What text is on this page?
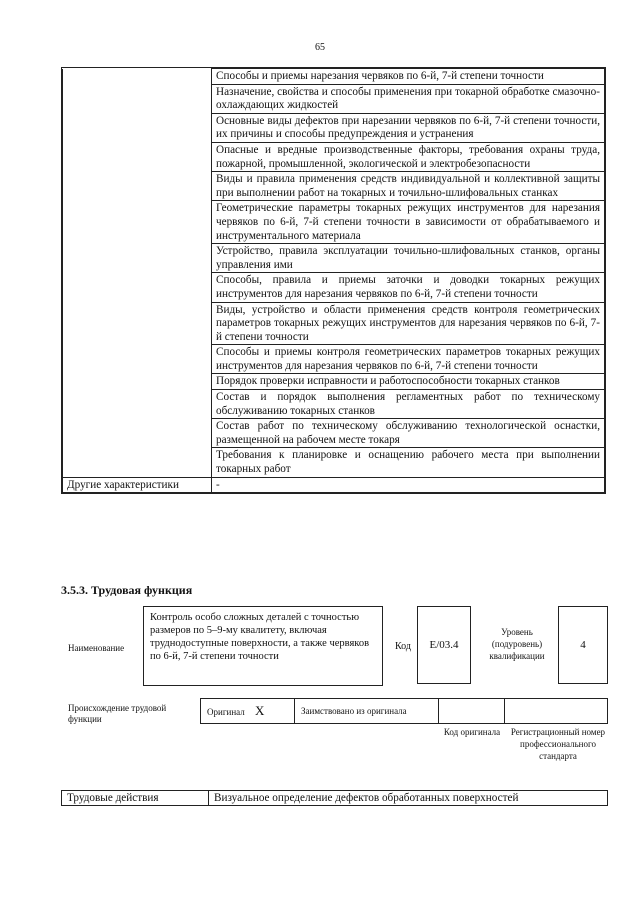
65
	Способы и приемы нарезания червяков по 6-й, 7-й степени точности
	Назначение, свойства и способы применения при токарной обработке смазочно-охлаждающих жидкостей
	Основные виды дефектов при нарезании червяков по 6-й, 7-й степени точности, их причины и способы предупреждения и устранения
	Опасные и вредные производственные факторы, требования охраны труда, пожарной, промышленной, экологической и электробезопасности
	Виды и правила применения средств индивидуальной и коллективной защиты при выполнении работ на токарных и точильно-шлифовальных станках
	Геометрические параметры токарных режущих инструментов для нарезания червяков по 6-й, 7-й степени точности в зависимости от обрабатываемого и инструментального материала
	Устройство, правила эксплуатации точильно-шлифовальных станков, органы управления ими
	Способы, правила и приемы заточки и доводки токарных режущих инструментов для нарезания червяков по 6-й, 7-й степени точности
	Виды, устройство и области применения средств контроля геометрических параметров токарных режущих инструментов для нарезания червяков по 6-й, 7-й степени точности
	Способы и приемы контроля геометрических параметров токарных режущих инструментов для нарезания червяков по 6-й, 7-й степени точности
	Порядок проверки исправности и работоспособности токарных станков
	Состав и порядок выполнения регламентных работ по техническому обслуживанию токарных станков
	Состав работ по техническому обслуживанию технологической оснастки, размещенной на рабочем месте токаря
	Требования к планировке и оснащению рабочего места при выполнении токарных работ
Другие характеристики	-
3.5.3. Трудовая функция
Наименование
Контроль особо сложных деталей с точностью размеров по 5–9-му квалитету, включая труднодоступные поверхности, а также червяков по 6-й, 7-й степени точности
Код	E/03.4
Уровень (подуровень) квалификации
4
Происхождение трудовой функции
Оригинал X	Заимствовано из оригинала
Код оригинала	Регистрационный номер профессионального стандарта
Трудовые действия	Визуальное определение дефектов обработанных поверхностей
